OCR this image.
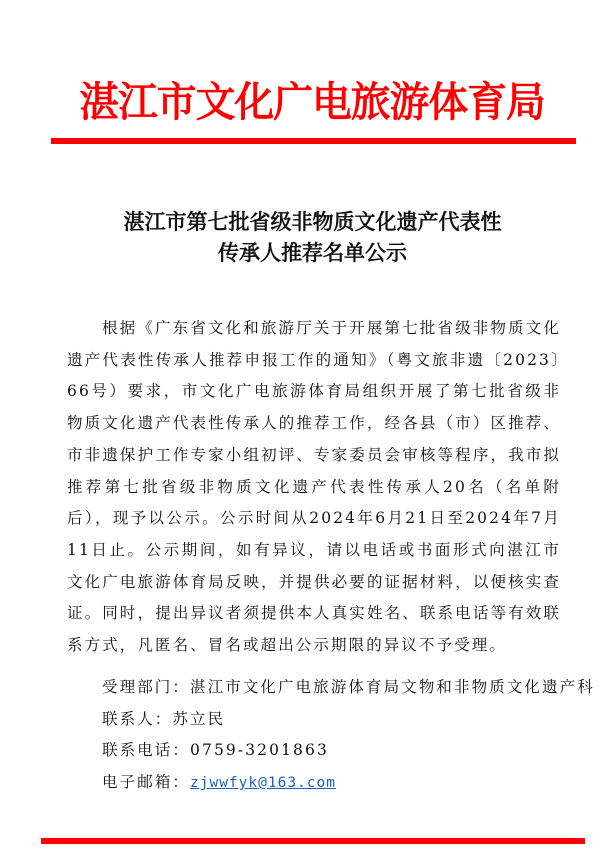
湛江市文化广电旅游体育局
湛江市第七批省级非物质文化遗产代表性
传承人推荐名单公示
根据《广东省文化和旅游厅关于开展第七批省级非物质文化遗产代表性传承人推荐申报工作的通知》（粤文旅非遗〔2023〕66号）要求，市文化广电旅游体育局组织开展了第七批省级非物质文化遗产代表性传承人的推荐工作，经各县（市）区推荐、市非遗保护工作专家小组初评、专家委员会审核等程序，我市拟推荐第七批省级非物质文化遗产代表性传承人20名（名单附后），现予以公示。公示时间从2024年6月21日至2024年7月11日止。公示期间，如有异议，请以电话或书面形式向湛江市文化广电旅游体育局反映，并提供必要的证据材料，以便核实查证。同时，提出异议者须提供本人真实姓名、联系电话等有效联系方式，凡匿名、冒名或超出公示期限的异议不予受理。
受理部门：湛江市文化广电旅游体育局文物和非物质文化遗产科
联系人：苏立民
联系电话：0759-3201863
电子邮箱：zjwwfyk@163.com
